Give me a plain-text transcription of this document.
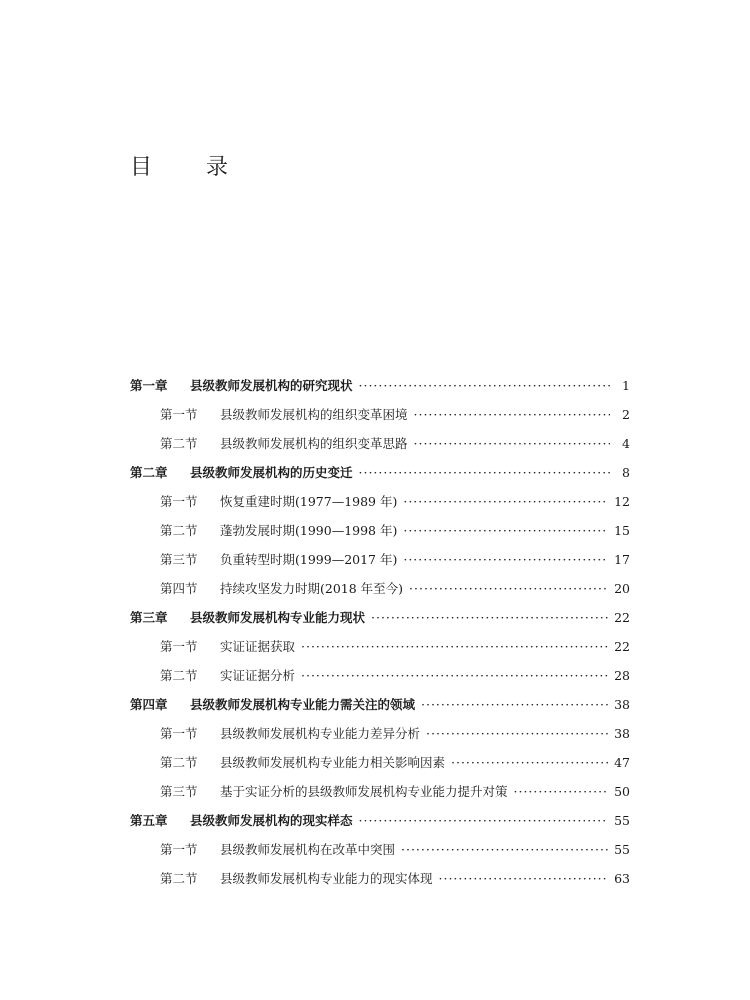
目　录
第一章	县级教师发展机构的研究现状 ·····	1
第一节	县级教师发展机构的组织变革困境 ·····	2
第二节	县级教师发展机构的组织变革思路 ·····	4
第二章	县级教师发展机构的历史变迁 ·····	8
第一节	恢复重建时期(1977—1989 年) ·····	12
第二节	蓬勃发展时期(1990—1998 年) ·····	15
第三节	负重转型时期(1999—2017 年) ·····	17
第四节	持续攻坚发力时期(2018 年至今) ·····	20
第三章	县级教师发展机构专业能力现状 ·····	22
第一节	实证证据获取 ·····	22
第二节	实证证据分析 ·····	28
第四章	县级教师发展机构专业能力需关注的领域 ·····	38
第一节	县级教师发展机构专业能力差异分析 ·····	38
第二节	县级教师发展机构专业能力相关影响因素 ·····	47
第三节	基于实证分析的县级教师发展机构专业能力提升对策 ·····	50
第五章	县级教师发展机构的现实样态 ·····	55
第一节	县级教师发展机构在改革中突围 ·····	55
第二节	县级教师发展机构专业能力的现实体现 ·····	63
